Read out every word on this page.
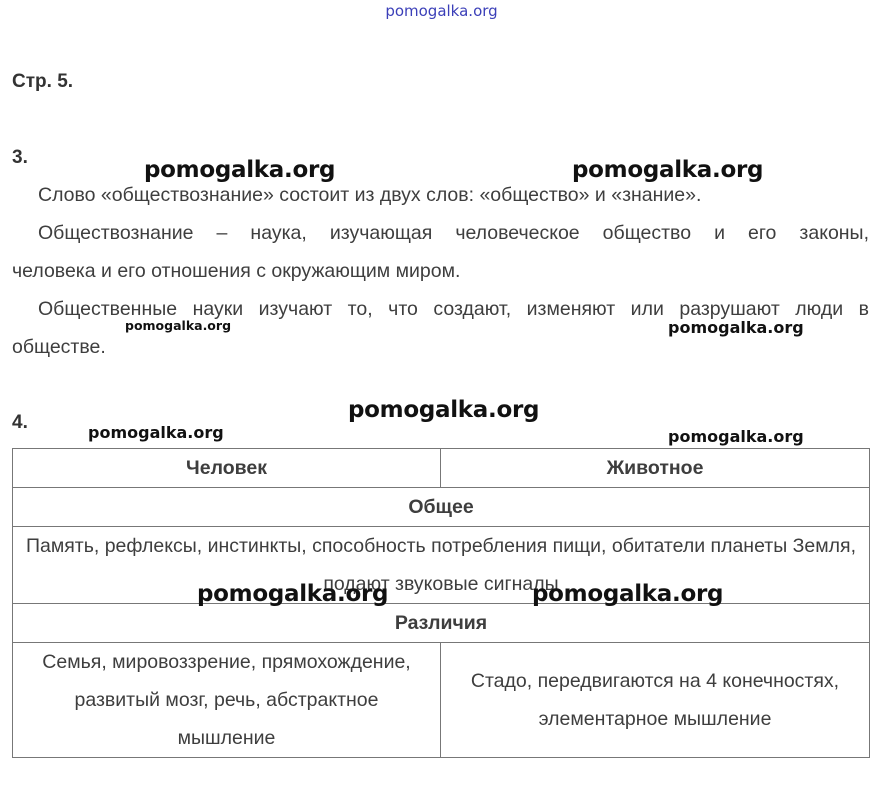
pomogalka.org
Стр. 5.
3.
Слово «обществознание» состоит из двух слов: «общество» и «знание».
Обществознание – наука, изучающая человеческое общество и его законы,
человека и его отношения с окружающим миром.
Общественные науки изучают то, что создают, изменяют или разрушают люди в
обществе.
4.
Человек	Животное
Общее	
Память, рефлексы, инстинкты, способность потребления пищи, обитатели планеты Земля, подают звуковые сигналы	
Различия	
Семья, мировоззрение, прямохождение, развитый мозг, речь, абстрактное мышление	Стадо, передвигаются на 4 конечностях, элементарное мышление
pomogalka.org	pomogalka.org
pomogalka.org	pomogalka.org
pomogalka.org
pomogalka.org	pomogalka.org
pomogalka.org	pomogalka.org
